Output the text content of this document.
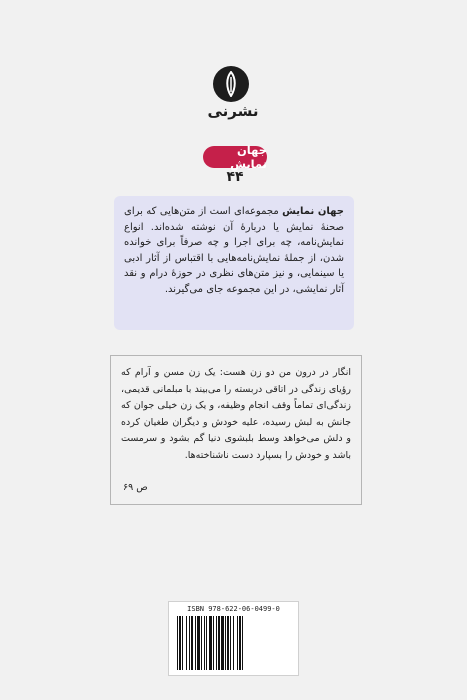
نشرنی
جهان نمایش
۴۴
جهان نمایش مجموعه‌ای است از متن‌هایی که برای صحنهٔ نمایش یا دربارهٔ آن نوشته شده‌اند. انواع نمایش‌نامه، چه برای اجرا و چه صرفاً برای خوانده شدن، از جملهٔ نمایش‌نامه‌هایی با اقتباس از آثار ادبی یا سینمایی، و نیز متن‌های نظری در حوزهٔ درام و نقد آثار نمایشی، در این مجموعه جای می‌گیرند.
انگار در درون من دو زن هست: یک زن مسن و آرام که رؤیای زندگی در اتاقی دربسته را می‌بیند با مبلمانی قدیمی، زندگی‌ای تماماً وقف انجام وظیفه، و یک زن خیلی جوان که جانش به لبش رسیده، علیه خودش و دیگران طغیان کرده و دلش می‌خواهد وسط بلبشوی دنیا گم بشود و سرمست باشد و خودش را بسپارد دست ناشناخته‌ها.
ص ۶۹
ISBN 978-622-06-0499-0
